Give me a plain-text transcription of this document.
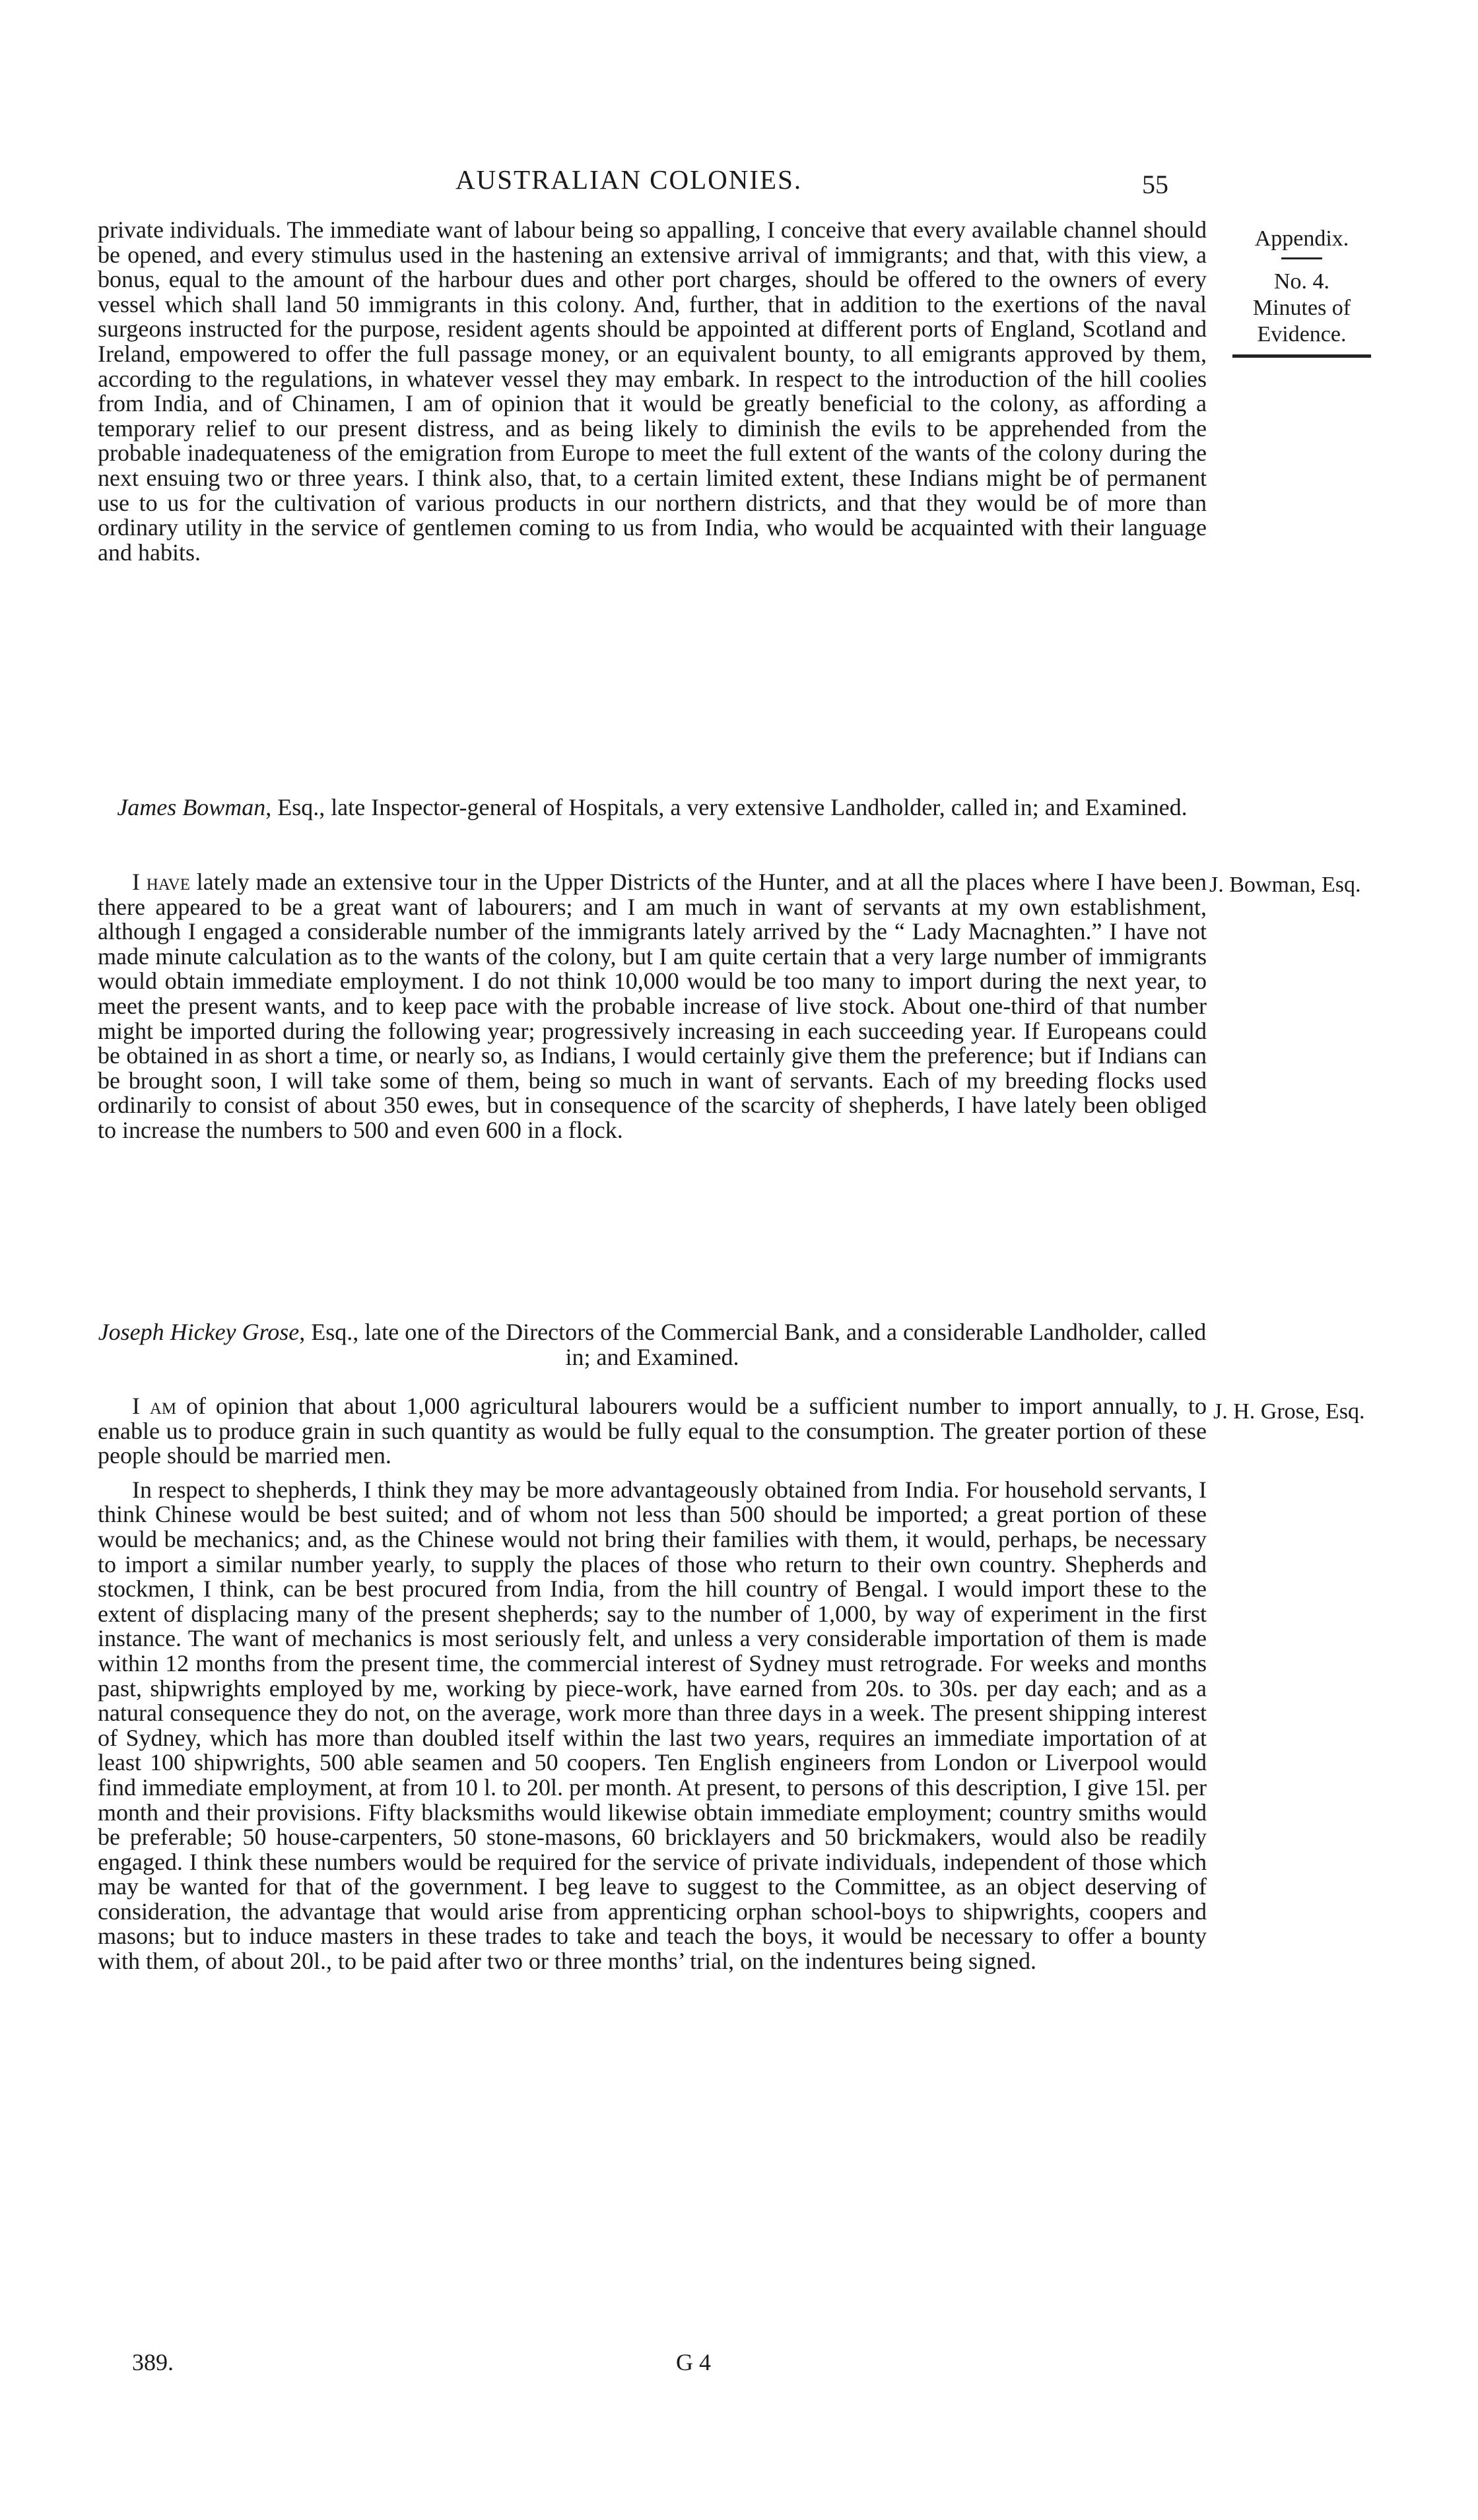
AUSTRALIAN COLONIES.	55
Appendix.
No. 4.
Minutes of
Evidence.

private individuals. The immediate want of labour being so appalling, I conceive that every available channel should be opened, and every stimulus used in the hastening an extensive arrival of immigrants; and that, with this view, a bonus, equal to the amount of the harbour dues and other port charges, should be offered to the owners of every vessel which shall land 50 immigrants in this colony. And, further, that in addition to the exertions of the naval surgeons instructed for the purpose, resident agents should be appointed at different ports of England, Scotland and Ireland, empowered to offer the full passage money, or an equivalent bounty, to all emigrants approved by them, according to the regulations, in whatever vessel they may embark. In respect to the introduction of the hill coolies from India, and of Chinamen, I am of opinion that it would be greatly beneficial to the colony, as affording a temporary relief to our present distress, and as being likely to diminish the evils to be apprehended from the probable inadequateness of the emigration from Europe to meet the full extent of the wants of the colony during the next ensuing two or three years. I think also, that, to a certain limited extent, these Indians might be of permanent use to us for the cultivation of various products in our northern districts, and that they would be of more than ordinary utility in the service of gentlemen coming to us from India, who would be acquainted with their language and habits.

James Bowman, Esq., late Inspector-general of Hospitals, a very extensive Landholder, called in; and Examined.
J. Bowman, Esq.

I have lately made an extensive tour in the Upper Districts of the Hunter, and at all the places where I have been there appeared to be a great want of labourers; and I am much in want of servants at my own establishment, although I engaged a considerable number of the immigrants lately arrived by the “ Lady Macnaghten.” I have not made minute calculation as to the wants of the colony, but I am quite certain that a very large number of immigrants would obtain immediate employment. I do not think 10,000 would be too many to import during the next year, to meet the present wants, and to keep pace with the probable increase of live stock. About one-third of that number might be imported during the following year; progressively increasing in each succeeding year. If Europeans could be obtained in as short a time, or nearly so, as Indians, I would certainly give them the preference; but if Indians can be brought soon, I will take some of them, being so much in want of servants. Each of my breeding flocks used ordinarily to consist of about 350 ewes, but in consequence of the scarcity of shepherds, I have lately been obliged to increase the numbers to 500 and even 600 in a flock.

Joseph Hickey Grose, Esq., late one of the Directors of the Commercial Bank, and a considerable Landholder, called in; and Examined.
J. H. Grose, Esq.

I am of opinion that about 1,000 agricultural labourers would be a sufficient number to import annually, to enable us to produce grain in such quantity as would be fully equal to the consumption. The greater portion of these people should be married men.

In respect to shepherds, I think they may be more advantageously obtained from India. For household servants, I think Chinese would be best suited; and of whom not less than 500 should be imported; a great portion of these would be mechanics; and, as the Chinese would not bring their families with them, it would, perhaps, be necessary to import a similar number yearly, to supply the places of those who return to their own country. Shepherds and stockmen, I think, can be best procured from India, from the hill country of Bengal. I would import these to the extent of displacing many of the present shepherds; say to the number of 1,000, by way of experiment in the first instance. The want of mechanics is most seriously felt, and unless a very considerable importation of them is made within 12 months from the present time, the commercial interest of Sydney must retrograde. For weeks and months past, shipwrights employed by me, working by piece-work, have earned from 20s. to 30s. per day each; and as a natural consequence they do not, on the average, work more than three days in a week. The present shipping interest of Sydney, which has more than doubled itself within the last two years, requires an immediate importation of at least 100 shipwrights, 500 able seamen and 50 coopers. Ten English engineers from London or Liverpool would find immediate employment, at from 10 l. to 20l. per month. At present, to persons of this description, I give 15l. per month and their provisions. Fifty blacksmiths would likewise obtain immediate employment; country smiths would be preferable; 50 house-carpenters, 50 stone-masons, 60 bricklayers and 50 brickmakers, would also be readily engaged. I think these numbers would be required for the service of private individuals, independent of those which may be wanted for that of the government. I beg leave to suggest to the Committee, as an object deserving of consideration, the advantage that would arise from apprenticing orphan school-boys to shipwrights, coopers and masons; but to induce masters in these trades to take and teach the boys, it would be necessary to offer a bounty with them, of about 20l., to be paid after two or three months’ trial, on the indentures being signed.

389.	G 4
